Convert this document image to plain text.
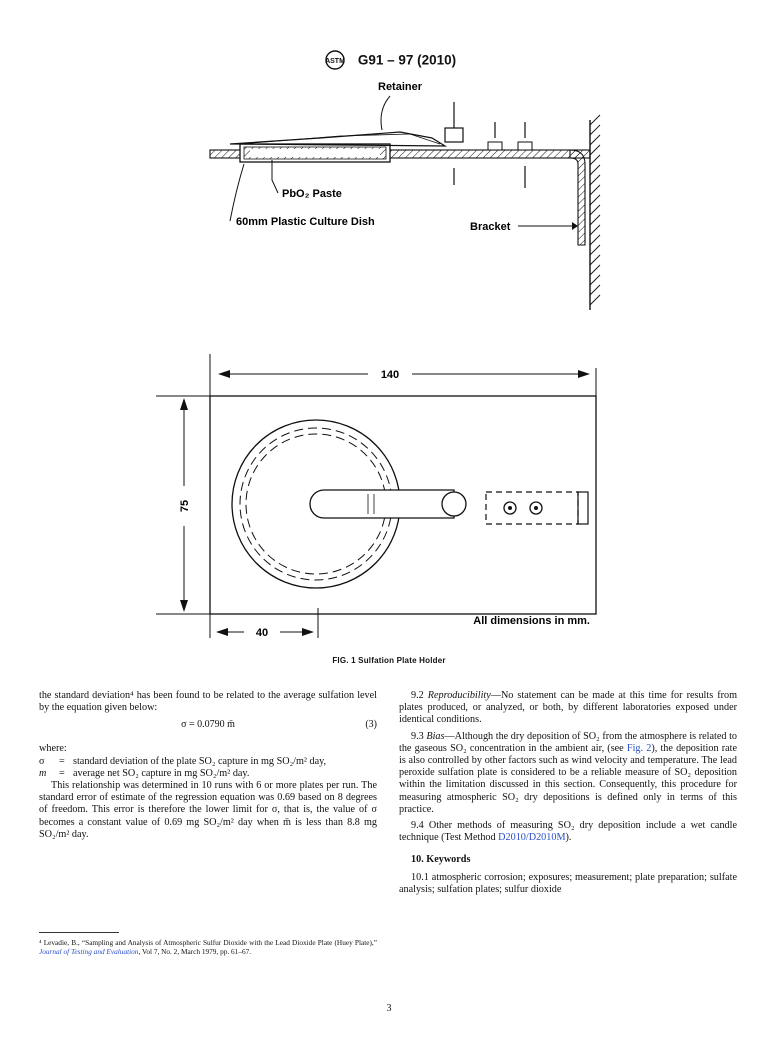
ASTM G91 – 97 (2010)
Retainer
PbO₂ Paste
60mm Plastic Culture Dish	Bracket
140
75
40
All dimensions in mm.
FIG. 1 Sulfation Plate Holder

the standard deviation⁴ has been found to be related to the average sulfation level by the equation given below:

σ = 0.0790 m̄	(3)

where:

σ	= standard deviation of the plate SO₂ capture in mg SO₂/m² day,
m	= average net SO₂ capture in mg SO₂/m² day.

This relationship was determined in 10 runs with 6 or more plates per run. The standard error of estimate of the regression equation was 0.69 based on 8 degrees of freedom. This error is therefore the lower limit for σ, that is, the value of σ becomes a constant value of 0.69 mg SO₂/m² day when m̄ is less than 8.8 mg SO₂/m² day.

⁴ Levadie, B., “Sampling and Analysis of Atmospheric Sulfur Dioxide with the Lead Dioxide Plate (Huey Plate),” Journal of Testing and Evaluation, Vol 7, No. 2, March 1979, pp. 61–67.

9.2 Reproducibility—No statement can be made at this time for results from plates produced, or analyzed, or both, by different laboratories exposed under identical conditions.

9.3 Bias—Although the dry deposition of SO₂ from the atmosphere is related to the gaseous SO₂ concentration in the ambient air, (see Fig. 2), the deposition rate is also controlled by other factors such as wind velocity and temperature. The lead peroxide sulfation plate is considered to be a reliable measure of SO₂ deposition within the limitation discussed in this section. Consequently, this procedure for measuring atmospheric SO₂ dry depositions is defined only in terms of this practice.

9.4 Other methods of measuring SO₂ dry deposition include a wet candle technique (Test Method D2010/D2010M).

10. Keywords

10.1 atmospheric corrosion; exposures; measurement; plate preparation; sulfate analysis; sulfation plates; sulfur dioxide

3
